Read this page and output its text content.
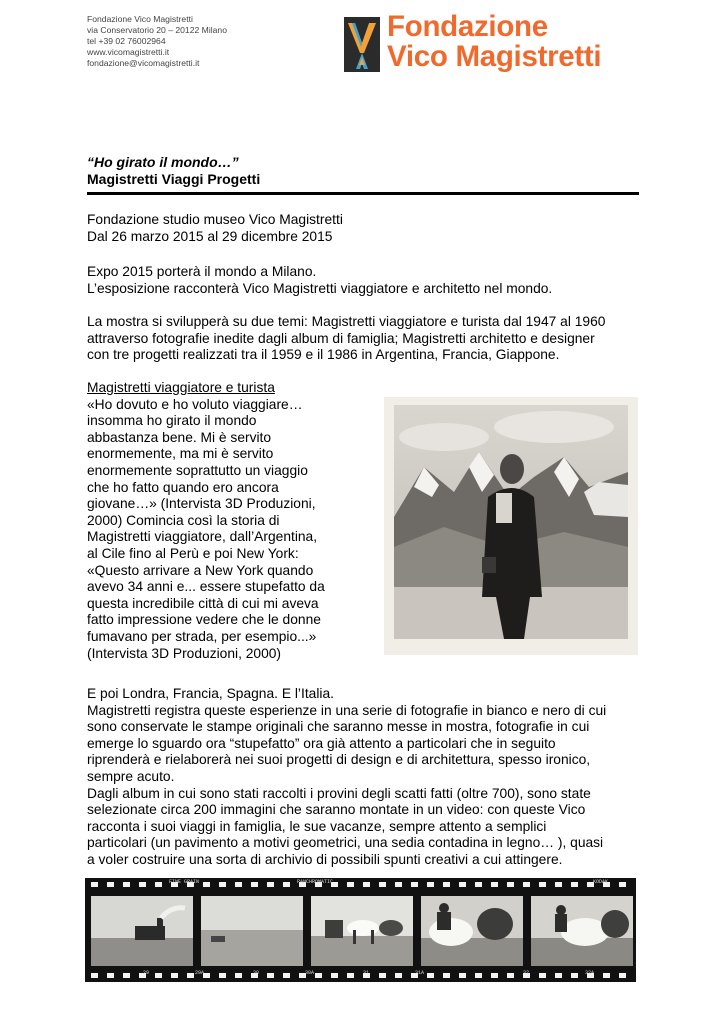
Fondazione Vico Magistretti
via Conservatorio 20 – 20122 Milano
tel +39 02 76002964
www.vicomagistretti.it
fondazione@vicomagistretti.it
Fondazione
Vico Magistretti
“Ho girato il mondo…”
Magistretti Viaggi Progetti
Fondazione studio museo Vico Magistretti
Dal 26 marzo 2015 al 29 dicembre 2015
Expo 2015 porterà il mondo a Milano.
L’esposizione racconterà Vico Magistretti viaggiatore e architetto nel mondo.
La mostra si svilupperà su due temi: Magistretti viaggiatore e turista dal 1947 al 1960
attraverso fotografie inedite dagli album di famiglia; Magistretti architetto e designer
con tre progetti realizzati tra il 1959 e il 1986 in Argentina, Francia, Giappone.
Magistretti viaggiatore e turista
«Ho dovuto e ho voluto viaggiare…
insomma ho girato il mondo
abbastanza bene. Mi è servito
enormemente, ma mi è servito
enormemente soprattutto un viaggio
che ho fatto quando ero ancora
giovane…» (Intervista 3D Produzioni,
2000) Comincia così la storia di
Magistretti viaggiatore, dall’Argentina,
al Cile fino al Perù e poi New York:
«Questo arrivare a New York quando
avevo 34 anni e... essere stupefatto da
questa incredibile città di cui mi aveva
fatto impressione vedere che le donne
fumavano per strada, per esempio...»
(Intervista 3D Produzioni, 2000)
E poi Londra, Francia, Spagna. E l’Italia.
Magistretti registra queste esperienze in una serie di fotografie in bianco e nero di cui
sono conservate le stampe originali che saranno messe in mostra, fotografie in cui
emerge lo sguardo ora “stupefatto” ora già attento a particolari che in seguito
riprenderà e rielaborerà nei suoi progetti di design e di architettura, spesso ironico,
sempre acuto.
Dagli album in cui sono stati raccolti i provini degli scatti fatti (oltre 700), sono state
selezionate circa 200 immagini che saranno montate in un video: con queste Vico
racconta i suoi viaggi in famiglia, le sue vacanze, sempre attento a semplici
particolari (un pavimento a motivi geometrici, una sedia contadina in legno… ), quasi
a voler costruire una sorta di archivio di possibili spunti creativi a cui attingere.
FINE GRAIN	PANCHROMATIC	KODAK
29	29A	30	30A	31	31A	32	32A
